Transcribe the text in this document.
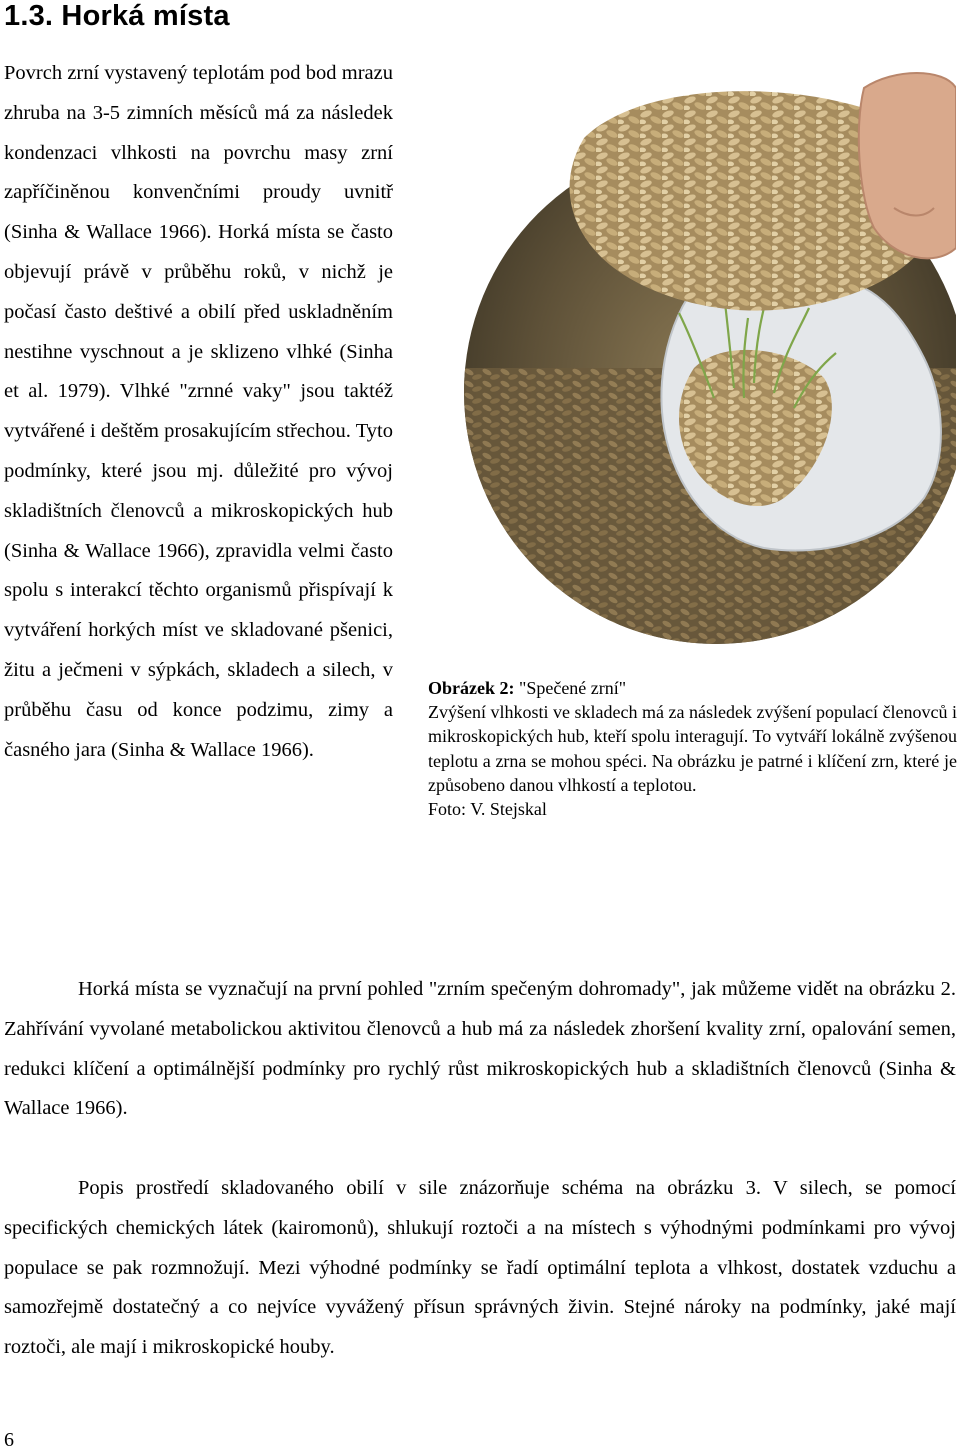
1.3. Horká místa

Povrch zrní vystavený teplotám pod bod mrazu zhruba na 3-5 zimních měsíců má za následek kondenzaci vlhkosti na povrchu masy zrní zapříčiněnou konvenčními proudy uvnitř (Sinha & Wallace 1966). Horká místa se často objevují právě v průběhu roků, v nichž je počasí často deštivé a obilí před uskladněním nestihne vyschnout a je sklizeno vlhké (Sinha et al. 1979). Vlhké "zrnné vaky" jsou taktéž vytvářené i deštěm prosakujícím střechou. Tyto podmínky, které jsou mj. důležité pro vývoj skladištních členovců a mikroskopických hub (Sinha & Wallace 1966), zpravidla velmi často spolu s interakcí těchto organismů přispívají k vytváření horkých míst ve skladované pšenici, žitu a ječmeni v sýpkách, skladech a silech, v průběhu času od konce podzimu, zimy a časného jara (Sinha & Wallace 1966).

Obrázek 2: "Spečené zrní"
Zvýšení vlhkosti ve skladech má za následek zvýšení populací členovců i mikroskopických hub, kteří spolu interagují. To vytváří lokálně zvýšenou teplotu a zrna se mohou spéci. Na obrázku je patrné i klíčení zrn, které je způsobeno danou vlhkostí a teplotou.
Foto: V. Stejskal

Horká místa se vyznačují na první pohled "zrním spečeným dohromady", jak můžeme vidět na obrázku 2. Zahřívání vyvolané metabolickou aktivitou členovců a hub má za následek zhoršení kvality zrní, opalování semen, redukci klíčení a optimálnější podmínky pro rychlý růst mikroskopických hub a skladištních členovců (Sinha & Wallace 1966).

Popis prostředí skladovaného obilí v sile znázorňuje schéma na obrázku 3. V silech, se pomocí specifických chemických látek (kairomonů), shlukují roztoči a na místech s výhodnými podmínkami pro vývoj populace se pak rozmnožují. Mezi výhodné podmínky se řadí optimální teplota a vlhkost, dostatek vzduchu a samozřejmě dostatečný a co nejvíce vyvážený přísun správných živin. Stejné nároky na podmínky, jaké mají roztoči, ale mají i mikroskopické houby.

6
